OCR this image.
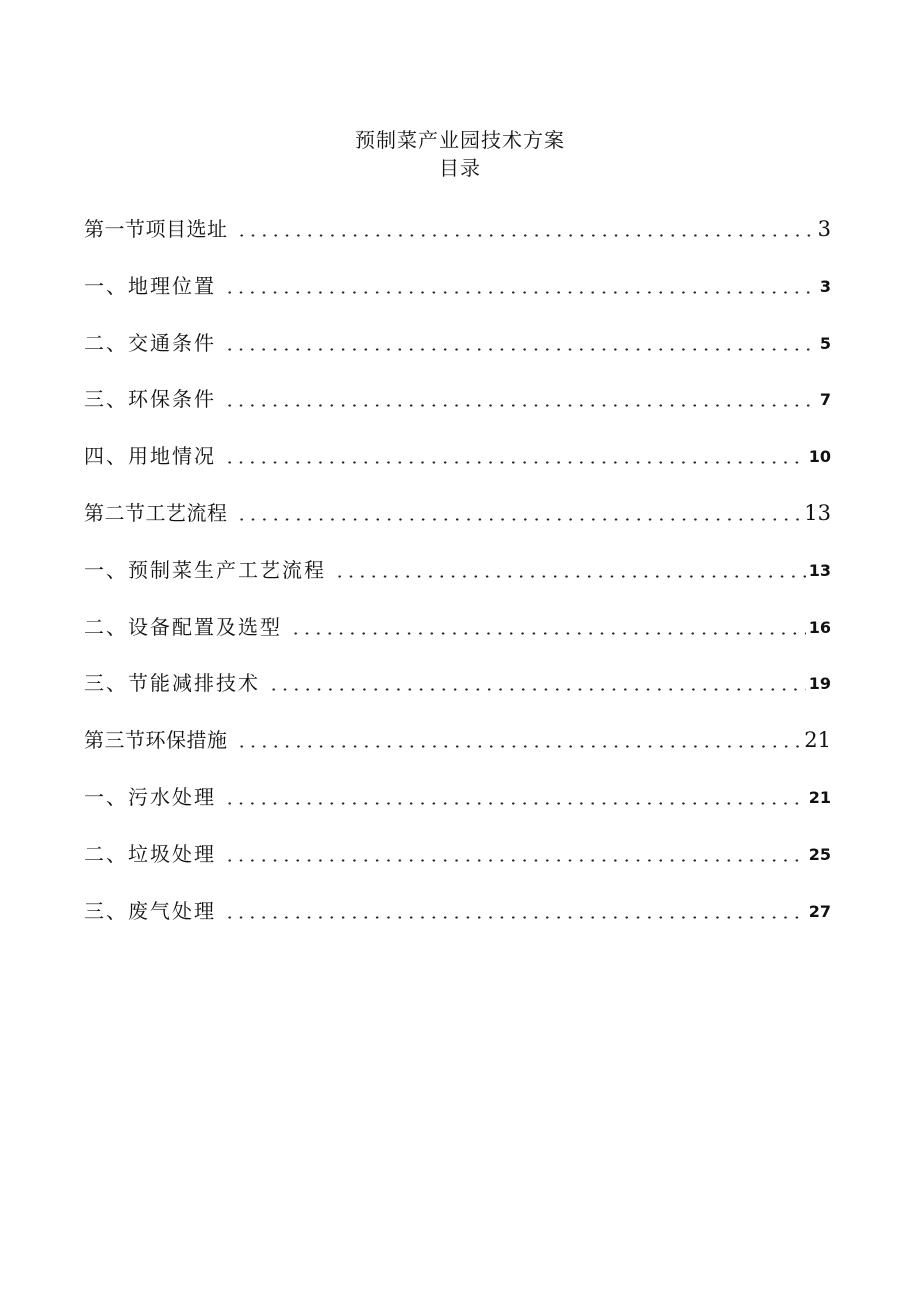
预制菜产业园技术方案
目录
第一节项目选址	3
一、地理位置	3
二、交通条件	5
三、环保条件	7
四、用地情况	10
第二节工艺流程	13
一、预制菜生产工艺流程	13
二、设备配置及选型	16
三、节能减排技术	19
第三节环保措施	21
一、污水处理	21
二、垃圾处理	25
三、废气处理	27
